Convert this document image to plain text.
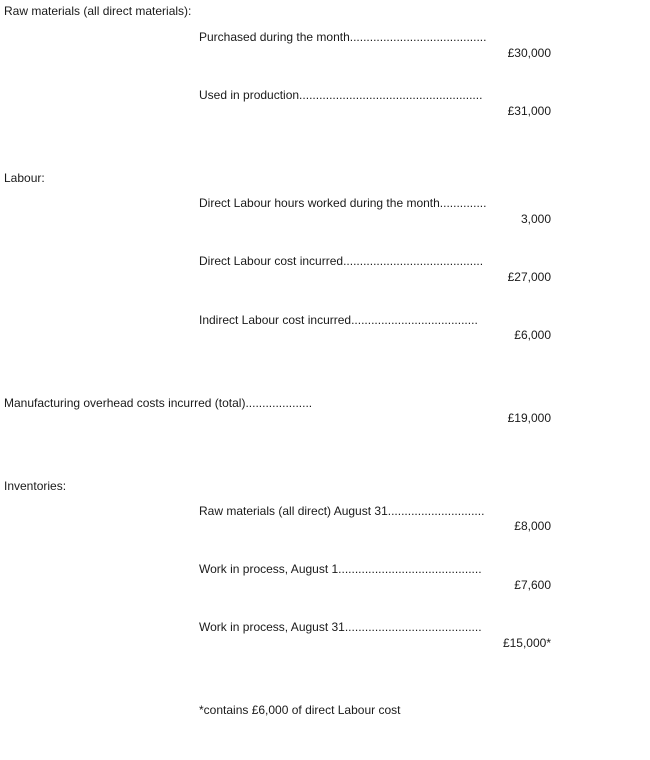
Raw materials (all direct materials):
Purchased during the month.........................................
£30,000
Used in production.......................................................
£31,000
Labour:
Direct Labour hours worked during the month..............
3,000
Direct Labour cost incurred..........................................
£27,000
Indirect Labour cost incurred......................................
£6,000
Manufacturing overhead costs incurred (total)....................
£19,000
Inventories:
Raw materials (all direct) August 31.............................
£8,000
Work in process, August 1...........................................
£7,600
Work in process, August 31.........................................
£15,000*
*contains £6,000 of direct Labour cost
